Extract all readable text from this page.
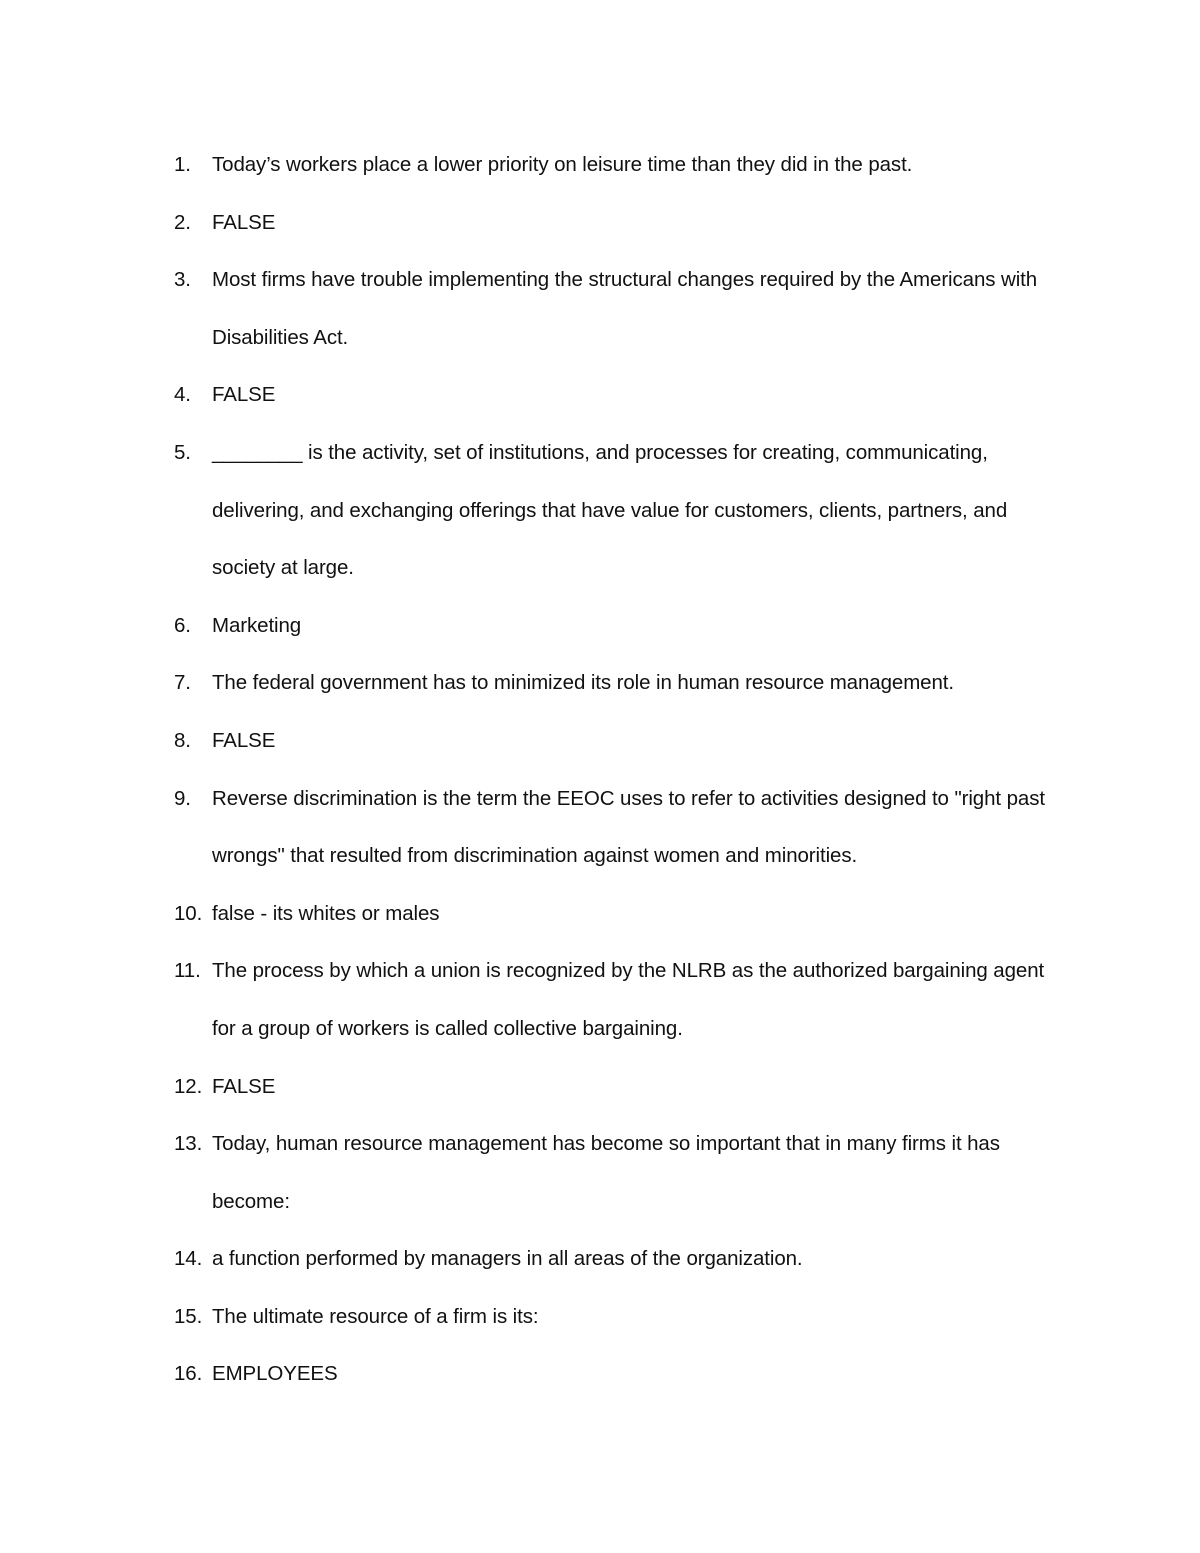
1.	Today’s workers place a lower priority on leisure time than they did in the past.
2.	FALSE
3.	Most firms have trouble implementing the structural changes required by the Americans with Disabilities Act.
4.	FALSE
5.	________ is the activity, set of institutions, and processes for creating, communicating, delivering, and exchanging offerings that have value for customers, clients, partners, and society at large.
6.	Marketing
7.	The federal government has to minimized its role in human resource management.
8.	FALSE
9.	Reverse discrimination is the term the EEOC uses to refer to activities designed to "right past wrongs" that resulted from discrimination against women and minorities.
10. false - its whites or males
11. The process by which a union is recognized by the NLRB as the authorized bargaining agent for a group of workers is called collective bargaining.
12. FALSE
13. Today, human resource management has become so important that in many firms it has become:
14. a function performed by managers in all areas of the organization.
15. The ultimate resource of a firm is its:
16. EMPLOYEES
